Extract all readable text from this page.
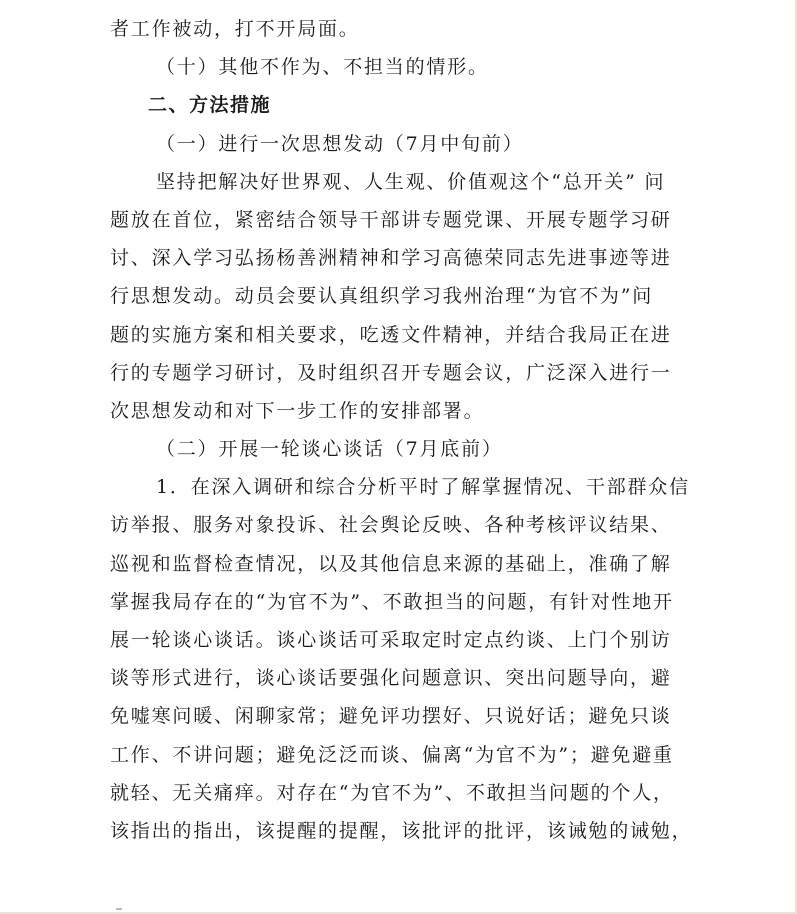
者工作被动，打不开局面。
（十）其他不作为、不担当的情形。
二、方法措施
（一）进行一次思想发动（7月中旬前）
坚持把解决好世界观、人生观、价值观这个“总开关” 问
题放在首位，紧密结合领导干部讲专题党课、开展专题学习研
讨、深入学习弘扬杨善洲精神和学习高德荣同志先进事迹等进
行思想发动。动员会要认真组织学习我州治理“为官不为”问
题的实施方案和相关要求，吃透文件精神，并结合我局正在进
行的专题学习研讨，及时组织召开专题会议，广泛深入进行一
次思想发动和对下一步工作的安排部署。
（二）开展一轮谈心谈话（7月底前）
1．在深入调研和综合分析平时了解掌握情况、干部群众信
访举报、服务对象投诉、社会舆论反映、各种考核评议结果、
巡视和监督检查情况，以及其他信息来源的基础上，准确了解
掌握我局存在的“为官不为”、不敢担当的问题，有针对性地开
展一轮谈心谈话。谈心谈话可采取定时定点约谈、上门个别访
谈等形式进行，谈心谈话要强化问题意识、突出问题导向，避
免嘘寒问暖、闲聊家常；避免评功摆好、只说好话；避免只谈
工作、不讲问题；避免泛泛而谈、偏离“为官不为”；避免避重
就轻、无关痛痒。对存在“为官不为”、不敢担当问题的个人，
该指出的指出，该提醒的提醒，该批评的批评，该诫勉的诫勉，
